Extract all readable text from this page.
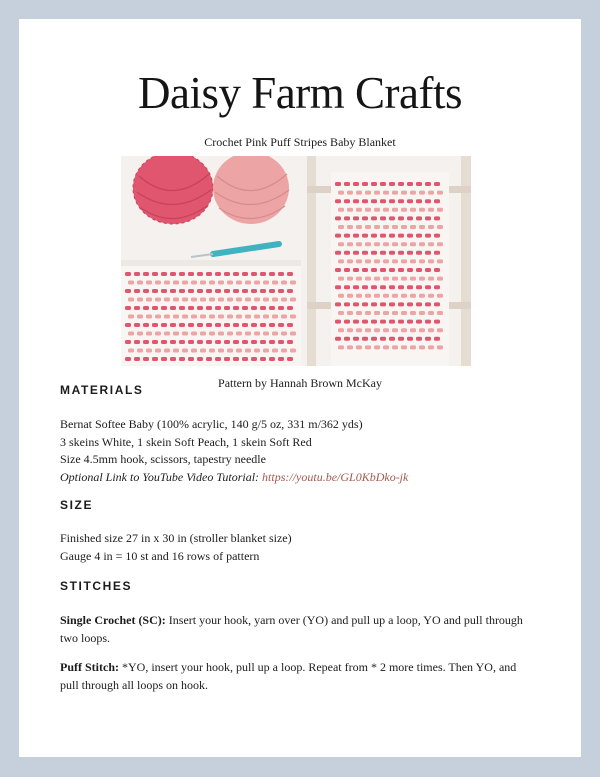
Daisy Farm Crafts
Crochet Pink Puff Stripes Baby Blanket
Pattern by Hannah Brown McKay
MATERIALS

Bernat Softee Baby (100% acrylic, 140 g/5 oz, 331 m/362 yds)

3 skeins White, 1 skein Soft Peach, 1 skein Soft Red

Size 4.5mm hook, scissors, tapestry needle

Optional Link to YouTube Video Tutorial: https://youtu.be/GL0KbDko-jk

SIZE

Finished size 27 in x 30 in (stroller blanket size)

Gauge 4 in = 10 st and 16 rows of pattern

STITCHES
Single Crochet (SC): Insert your hook, yarn over (YO) and pull up a loop, YO and pull through two loops.
Puff Stitch: *YO, insert your hook, pull up a loop. Repeat from * 2 more times. Then YO, and pull through all loops on hook.
